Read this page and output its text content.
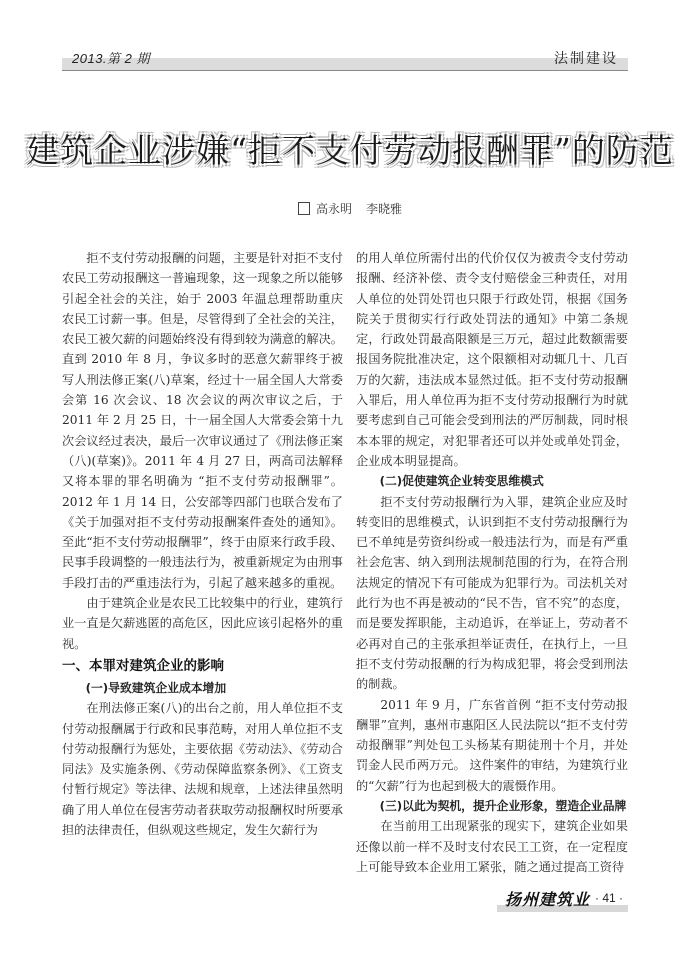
2013.第 2 期	法制建设
建筑企业涉嫌“拒不支付劳动报酬罪”的防范
高永明 李晓雅

拒不支付劳动报酬的问题，主要是针对拒不支付农民工劳动报酬这一普遍现象，这一现象之所以能够引起全社会的关注，始于 2003 年温总理帮助重庆农民工讨薪一事。但是，尽管得到了全社会的关注，农民工被欠薪的问题始终没有得到较为满意的解决。直到 2010 年 8 月，争议多时的恶意欠薪罪终于被写人刑法修正案(八)草案，经过十一届全国人大常委会第 16 次会议、18 次会议的两次审议之后，于 2011 年 2 月 25 日，十一届全国人大常委会第十九次会议经过表决，最后一次审议通过了《刑法修正案（八)(草案)》。2011 年 4 月 27 日，两高司法解释又将本罪的罪名明确为 “拒不支付劳动报酬罪”。2012 年 1 月 14 日，公安部等四部门也联合发布了《关于加强对拒不支付劳动报酬案件查处的通知》。至此“拒不支付劳动报酬罪”，终于由原来行政手段、民事手段调整的一般违法行为，被重新规定为由刑事手段打击的严重违法行为，引起了越来越多的重视。

由于建筑企业是农民工比较集中的行业，建筑行业一直是欠薪逃匿的高危区，因此应该引起格外的重视。

一、本罪对建筑企业的影响
(一)导致建筑企业成本增加

在刑法修正案(八)的出台之前，用人单位拒不支付劳动报酬属于行政和民事范畴，对用人单位拒不支付劳动报酬行为惩处，主要依据《劳动法》、《劳动合同法》及实施条例、《劳动保障监察条例》、《工资支付暂行规定》等法律、法规和规章，上述法律虽然明确了用人单位在侵害劳动者获取劳动报酬权时所要承担的法律责任，但纵观这些规定，发生欠薪行为

的用人单位所需付出的代价仅仅为被责令支付劳动报酬、经济补偿、责令支付赔偿金三种责任，对用人单位的处罚处罚也只限于行政处罚，根据《国务院关于贯彻实行行政处罚法的通知》中第二条规定，行政处罚最高限额是三万元，超过此数额需要报国务院批准决定，这个限额相对动辄几十、几百万的欠薪，违法成本显然过低。拒不支付劳动报酬入罪后，用人单位再为拒不支付劳动报酬行为时就要考虑到自己可能会受到刑法的严厉制裁，同时根本本罪的规定，对犯罪者还可以并处或单处罚金，企业成本明显提高。

(二)促使建筑企业转变思维模式

拒不支付劳动报酬行为入罪，建筑企业应及时转变旧的思维模式，认识到拒不支付劳动报酬行为已不单纯是劳资纠纷或一般违法行为，而是有严重社会危害、纳入到刑法规制范围的行为，在符合刑法规定的情况下有可能成为犯罪行为。司法机关对此行为也不再是被动的“民不告，官不究”的态度，而是要发挥职能，主动追诉，在举证上，劳动者不必再对自己的主张承担举证责任，在执行上，一旦拒不支付劳动报酬的行为构成犯罪，将会受到刑法的制裁。

2011 年 9 月，广东省首例 “拒不支付劳动报酬罪”宣判，惠州市惠阳区人民法院以“拒不支付劳动报酬罪”判处包工头杨某有期徒刑十个月，并处罚金人民币两万元。 这件案件的审结，为建筑行业的“欠薪”行为也起到极大的震慑作用。

(三)以此为契机，提升企业形象，塑造企业品牌

在当前用工出现紧张的现实下，建筑企业如果还像以前一样不及时支付农民工工资，在一定程度上可能导致本企业用工紧张，随之通过提高工资待

扬州建筑业 · 41 ·
